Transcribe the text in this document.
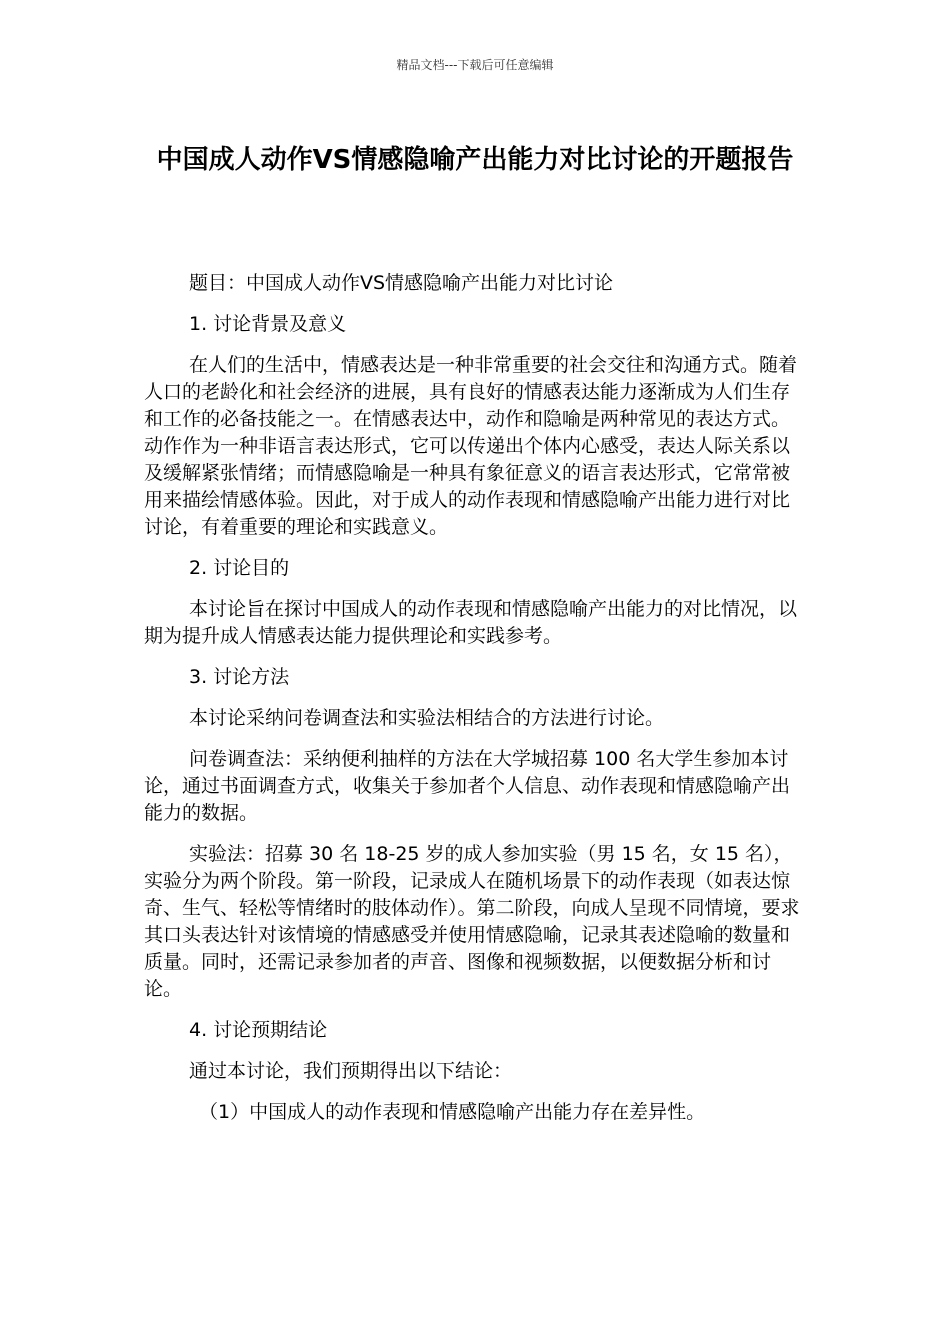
精品文档---下载后可任意编辑
中国成人动作VS情感隐喻产出能力对比讨论的开题报告

题目：中国成人动作VS情感隐喻产出能力对比讨论

1. 讨论背景及意义

在人们的生活中，情感表达是一种非常重要的社会交往和沟通方式。随着人口的老龄化和社会经济的进展，具有良好的情感表达能力逐渐成为人们生存和工作的必备技能之一。在情感表达中，动作和隐喻是两种常见的表达方式。动作作为一种非语言表达形式，它可以传递出个体内心感受，表达人际关系以及缓解紧张情绪；而情感隐喻是一种具有象征意义的语言表达形式，它常常被用来描绘情感体验。因此，对于成人的动作表现和情感隐喻产出能力进行对比讨论，有着重要的理论和实践意义。

2. 讨论目的

本讨论旨在探讨中国成人的动作表现和情感隐喻产出能力的对比情况，以期为提升成人情感表达能力提供理论和实践参考。

3. 讨论方法

本讨论采纳问卷调查法和实验法相结合的方法进行讨论。

问卷调查法：采纳便利抽样的方法在大学城招募 100 名大学生参加本讨论，通过书面调查方式，收集关于参加者个人信息、动作表现和情感隐喻产出能力的数据。

实验法：招募 30 名 18-25 岁的成人参加实验（男 15 名，女 15 名），实验分为两个阶段。第一阶段，记录成人在随机场景下的动作表现（如表达惊奇、生气、轻松等情绪时的肢体动作）。第二阶段，向成人呈现不同情境，要求其口头表达针对该情境的情感感受并使用情感隐喻，记录其表述隐喻的数量和质量。同时，还需记录参加者的声音、图像和视频数据，以便数据分析和讨论。

4. 讨论预期结论

通过本讨论，我们预期得出以下结论：

（1）中国成人的动作表现和情感隐喻产出能力存在差异性。
